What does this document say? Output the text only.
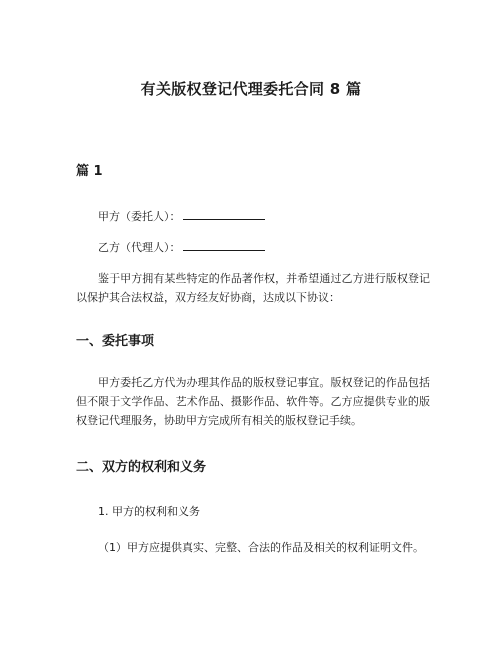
有关版权登记代理委托合同 8 篇
篇 1

甲方（委托人）：

乙方（代理人）：

鉴于甲方拥有某些特定的作品著作权，并希望通过乙方进行版权登记以保护其合法权益，双方经友好协商，达成以下协议：

一、委托事项

甲方委托乙方代为办理其作品的版权登记事宜。版权登记的作品包括但不限于文学作品、艺术作品、摄影作品、软件等。乙方应提供专业的版权登记代理服务，协助甲方完成所有相关的版权登记手续。

二、双方的权利和义务

1. 甲方的权利和义务

（1）甲方应提供真实、完整、合法的作品及相关的权利证明文件。
